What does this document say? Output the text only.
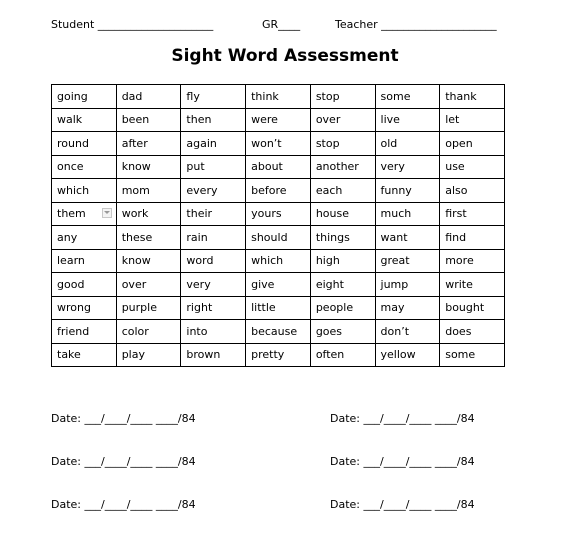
Student _____________________	GR____	Teacher _____________________
Sight Word Assessment
going	dad	fly	think	stop	some	thank
walk	been	then	were	over	live	let
round	after	again	won’t	stop	old	open
once	know	put	about	another	very	use
which	mom	every	before	each	funny	also
them	work	their	yours	house	much	first
any	these	rain	should	things	want	find
learn	know	word	which	high	great	more
good	over	very	give	eight	jump	write
wrong	purple	right	little	people	may	bought
friend	color	into	because	goes	don’t	does
take	play	brown	pretty	often	yellow	some
Date: ___/____/____ ____/84	Date: ___/____/____ ____/84
Date: ___/____/____ ____/84	Date: ___/____/____ ____/84
Date: ___/____/____ ____/84	Date: ___/____/____ ____/84
